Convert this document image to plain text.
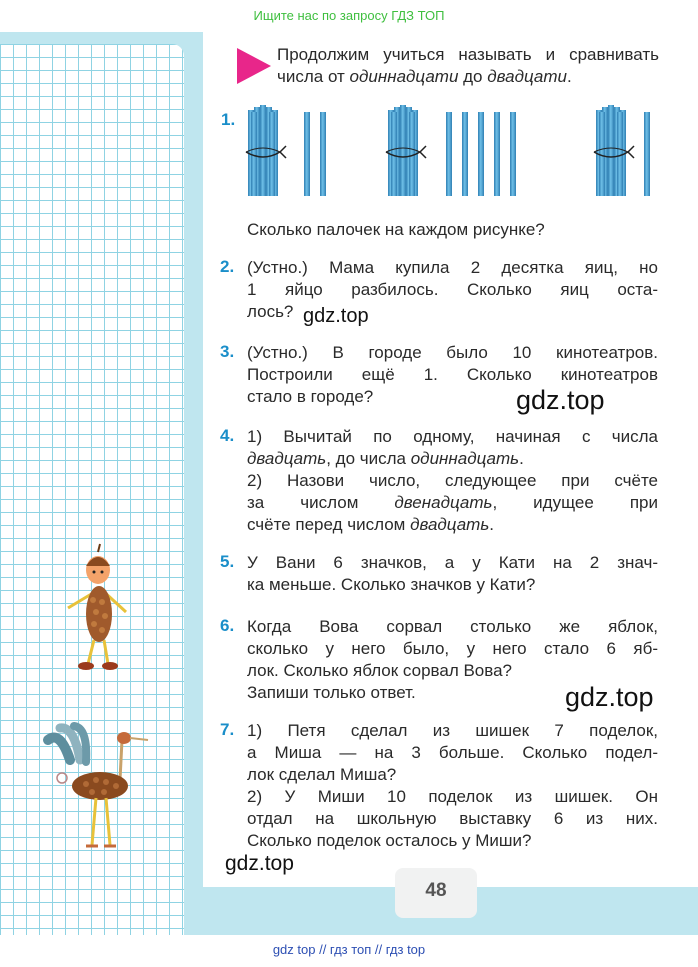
Ищите нас по запросу ГДЗ ТОП
Продолжим учиться называть и сравнивать
числа от одиннадцати до двадцати.
1.
Сколько палочек на каждом рисунке?
2. (Устно.) Мама купила 2 десятка яиц, но
1 яйцо разбилось. Сколько яиц оста-
лось? gdz.top
3. (Устно.) В городе было 10 кинотеатров.
Построили ещё 1. Сколько кинотеатров
стало в городе?	gdz.top
4. 1) Вычитай по одному, начиная с числа
двадцать, до числа одиннадцать.
2) Назови число, следующее при счёте
за числом двенадцать, идущее при
счёте перед числом двадцать.
5. У Вани 6 значков, а у Кати на 2 знач-
ка меньше. Сколько значков у Кати?
6. Когда Вова сорвал столько же яблок,
сколько у него было, у него стало 6 яб-
лок. Сколько яблок сорвал Вова?
Запиши только ответ.	gdz.top
7. 1) Петя сделал из шишек 7 поделок,
а Миша — на 3 больше. Сколько подел-
лок сделал Миша?
2) У Миши 10 поделок из шишек. Он
отдал на школьную выставку 6 из них.
Сколько поделок осталось у Миши?
gdz.top
48
gdz top // гдз топ // гдз top
